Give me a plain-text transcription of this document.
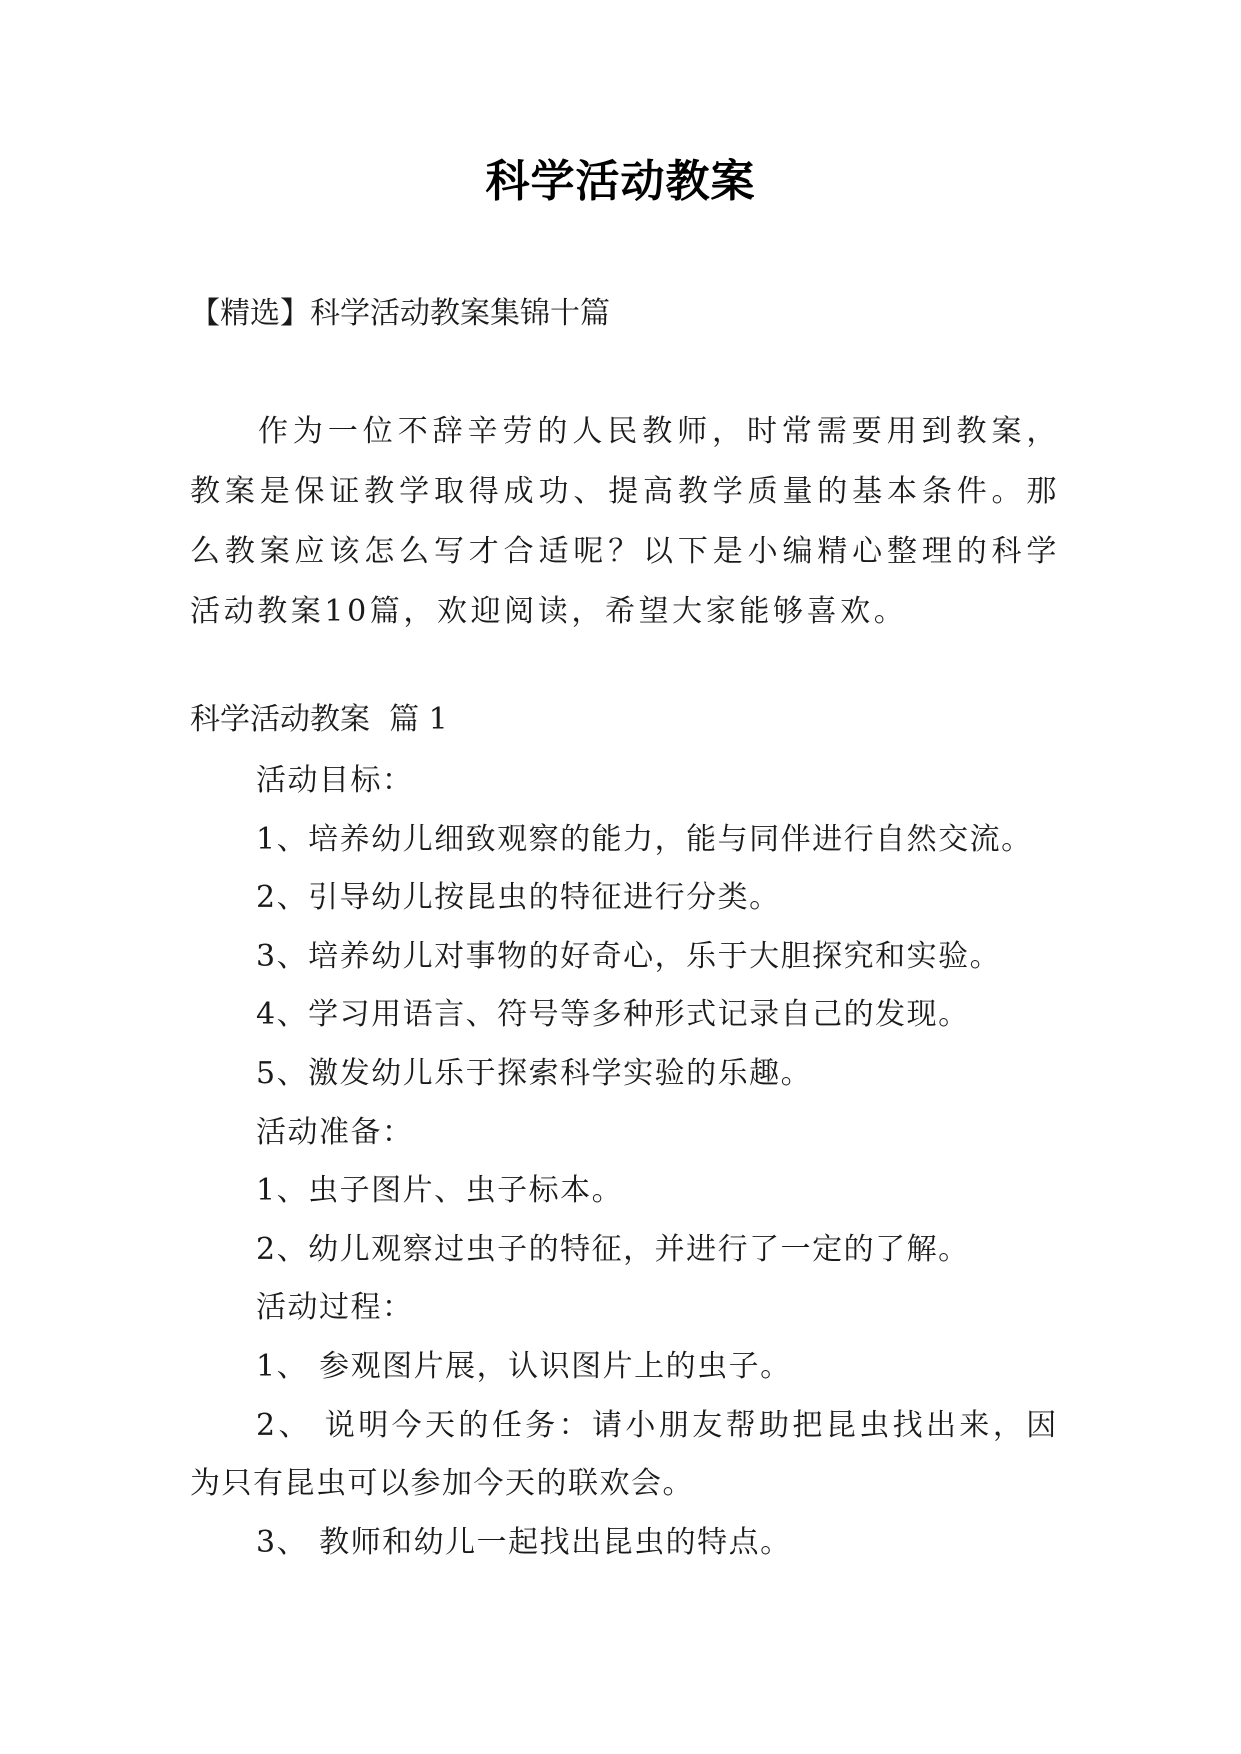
科学活动教案
【精选】科学活动教案集锦十篇

作为一位不辞辛劳的人民教师，时常需要用到教案，教案是保证教学取得成功、提高教学质量的基本条件。那么教案应该怎么写才合适呢？以下是小编精心整理的科学活动教案10篇，欢迎阅读，希望大家能够喜欢。

科学活动教案  篇 1
活动目标：
1、培养幼儿细致观察的能力，能与同伴进行自然交流。
2、引导幼儿按昆虫的特征进行分类。
3、培养幼儿对事物的好奇心，乐于大胆探究和实验。
4、学习用语言、符号等多种形式记录自己的发现。
5、激发幼儿乐于探索科学实验的乐趣。
活动准备：
1、虫子图片、虫子标本。
2、幼儿观察过虫子的特征，并进行了一定的了解。
活动过程：
1、 参观图片展，认识图片上的虫子。
2、 说明今天的任务：请小朋友帮助把昆虫找出来，因
为只有昆虫可以参加今天的联欢会。
3、 教师和幼儿一起找出昆虫的特点。
